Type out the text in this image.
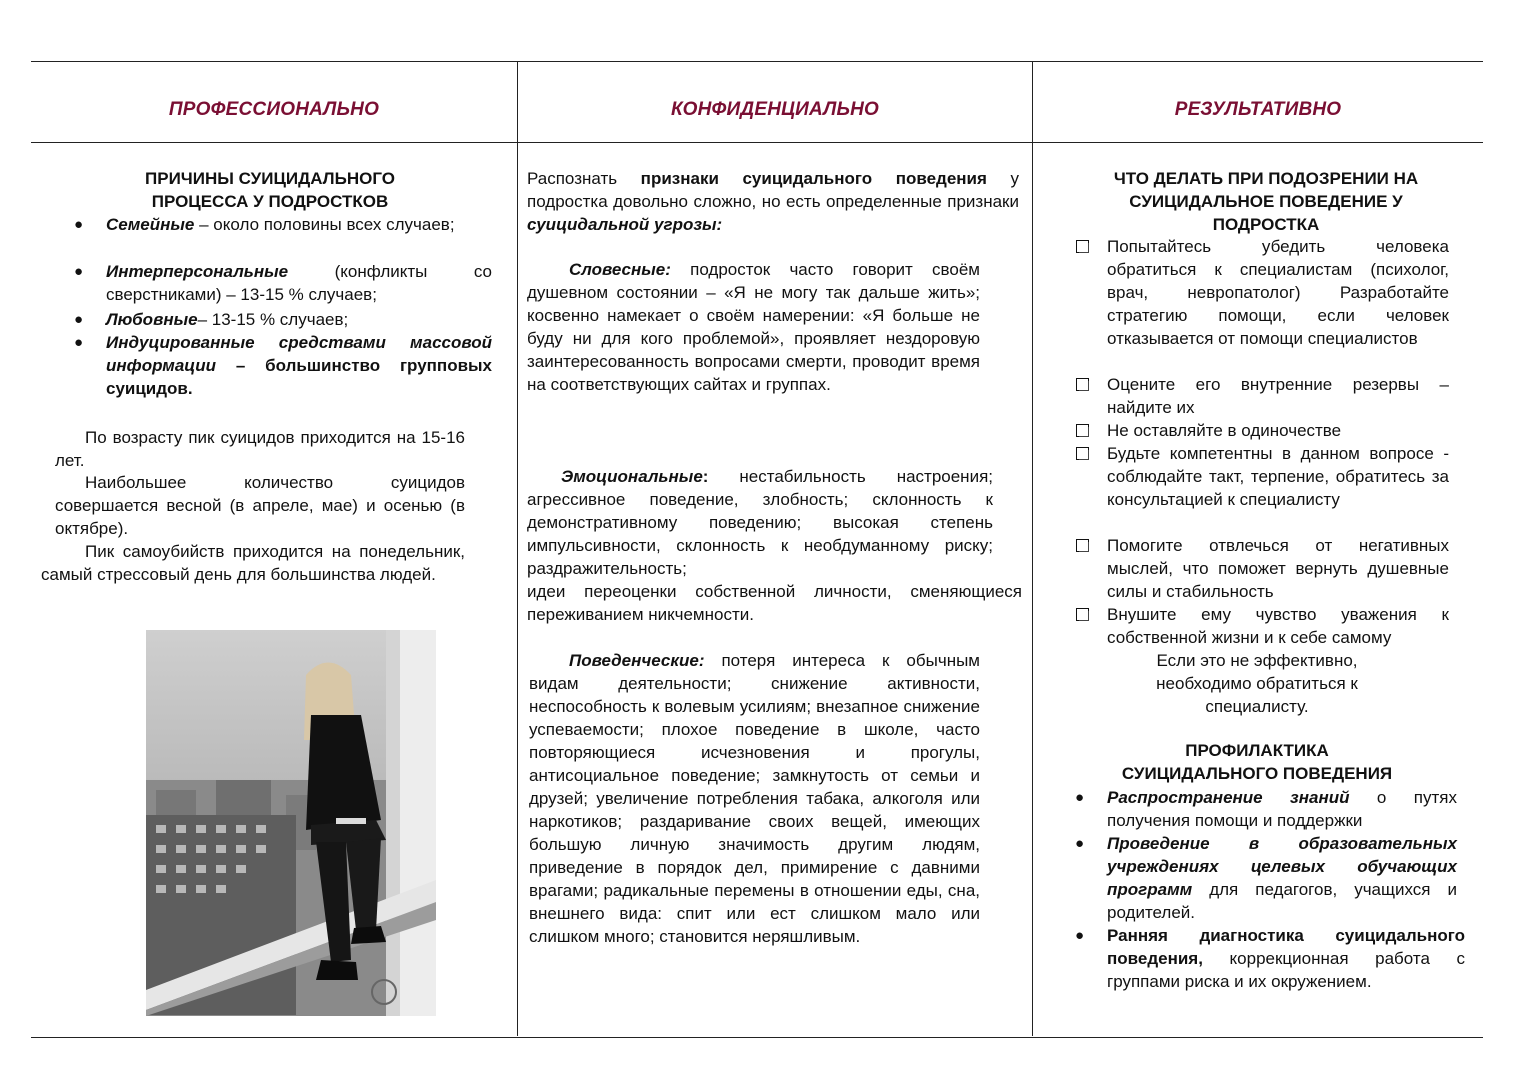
ПРОФЕССИОНАЛЬНО	КОНФИДЕНЦИАЛЬНО	РЕЗУЛЬТАТИВНО
ПРИЧИНЫ СУИЦИДАЛЬНОГО
ПРОЦЕССА У ПОДРОСТКОВ
● Семейные – около половины всех случаев;
● Интерперсональные (конфликты со сверстниками) – 13-15 % случаев;
● Любовные– 13-15 % случаев;
● Индуцированные средствами массовой информации – большинство групповых суицидов.
По возрасту пик суицидов приходится на 15-16 лет.
Наибольшее количество суицидов совершается весной (в апреле, мае) и осенью (в октябре).
Пик самоубийств приходится на понедельник, самый стрессовый день для большинства людей.
Распознать признаки суицидального поведения у подростка довольно сложно, но есть определенные признаки суицидальной угрозы:
Словесные: подросток часто говорит своём душевном состоянии – «Я не могу так дальше жить»; косвенно намекает о своём намерении: «Я больше не буду ни для кого проблемой», проявляет нездоровую заинтересованность вопросами смерти, проводит время на соответствующих сайтах и группах.
Эмоциональные: нестабильность настроения; агрессивное поведение, злобность; склонность к демонстративному поведению; высокая степень импульсивности, склонность к необдуманному риску; раздражительность;
идеи переоценки собственной личности, сменяющиеся переживанием никчемности.
Поведенческие: потеря интереса к обычным видам деятельности; снижение активности, неспособность к волевым усилиям; внезапное снижение успеваемости; плохое поведение в школе, часто повторяющиеся исчезновения и прогулы, антисоциальное поведение; замкнутость от семьи и друзей; увеличение потребления табака, алкоголя или наркотиков; раздаривание своих вещей, имеющих большую личную значимость другим людям, приведение в порядок дел, примирение с давними врагами; радикальные перемены в отношении еды, сна, внешнего вида: спит или ест слишком мало или слишком много; становится неряшливым.
ЧТО ДЕЛАТЬ ПРИ ПОДОЗРЕНИИ НА
СУИЦИДАЛЬНОЕ ПОВЕДЕНИЕ У
ПОДРОСТКА
Попытайтесь убедить человека обратиться к специалистам (психолог, врач, невропатолог) Разработайте стратегию помощи, если человек отказывается от помощи специалистов
Оцените его внутренние резервы – найдите их
Не оставляйте в одиночестве
Будьте компетентны в данном вопросе - соблюдайте такт, терпение, обратитесь за консультацией к специалисту
Помогите отвлечься от негативных мыслей, что поможет вернуть душевные силы и стабильность
Внушите ему чувство уважения к собственной жизни и к себе самому
Если это не эффективно,
необходимо обратиться к
специалисту.
ПРОФИЛАКТИКА
СУИЦИДАЛЬНОГО ПОВЕДЕНИЯ
● Распространение знаний о путях получения помощи и поддержки
● Проведение в образовательных учреждениях целевых обучающих программ для педагогов, учащихся и родителей.
● Ранняя диагностика суицидального поведения, коррекционная работа с группами риска и их окружением.
